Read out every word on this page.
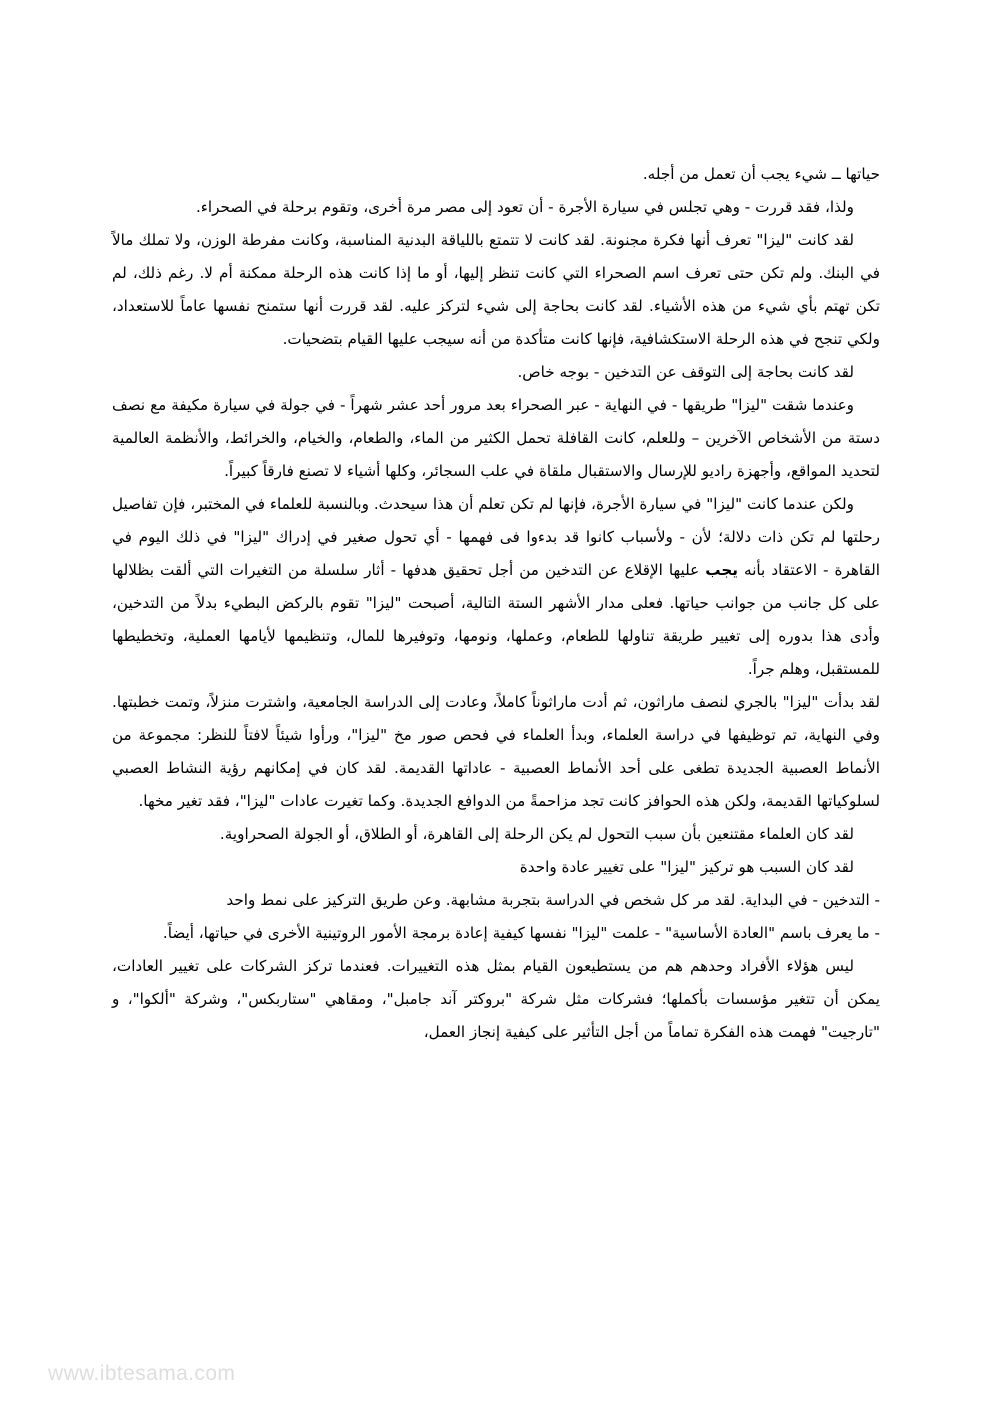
حياتها ــ شيء يجب أن تعمل من أجله.

ولذا، فقد قررت - وهي تجلس في سيارة الأجرة - أن تعود إلى مصر مرة أخرى، وتقوم برحلة في الصحراء.

لقد كانت "ليزا" تعرف أنها فكرة مجنونة. لقد كانت لا تتمتع باللياقة البدنية المناسبة، وكانت مفرطة الوزن، ولا تملك مالاً في البنك. ولم تكن حتى تعرف اسم الصحراء التي كانت تنظر إليها، أو ما إذا كانت هذه الرحلة ممكنة أم لا. رغم ذلك، لم تكن تهتم بأي شيء من هذه الأشياء. لقد كانت بحاجة إلى شيء لتركز عليه. لقد قررت أنها ستمنح نفسها عاماً للاستعداد، ولكي تنجح في هذه الرحلة الاستكشافية، فإنها كانت متأكدة من أنه سيجب عليها القيام بتضحيات.

لقد كانت بحاجة إلى التوقف عن التدخين - بوجه خاص.

وعندما شقت "ليزا" طريقها - في النهاية - عبر الصحراء بعد مرور أحد عشر شهراً - في جولة في سيارة مكيفة مع نصف دستة من الأشخاص الآخرين – وللعلم، كانت القافلة تحمل الكثير من الماء، والطعام، والخيام، والخرائط، والأنظمة العالمية لتحديد المواقع، وأجهزة راديو للإرسال والاستقبال ملقاة في علب السجائر، وكلها أشياء لا تصنع فارقاً كبيراً.

ولكن عندما كانت "ليزا" في سيارة الأجرة، فإنها لم تكن تعلم أن هذا سيحدث. وبالنسبة للعلماء في المختبر، فإن تفاصيل رحلتها لم تكن ذات دلالة؛ لأن - ولأسباب كانوا قد بدءوا فى فهمها - أي تحول صغير في إدراك "ليزا" في ذلك اليوم في القاهرة - الاعتقاد بأنه يجب عليها الإقلاع عن التدخين من أجل تحقيق هدفها - أثار سلسلة من التغيرات التي ألقت بظلالها على كل جانب من جوانب حياتها. فعلى مدار الأشهر الستة التالية، أصبحت "ليزا" تقوم بالركض البطيء بدلاً من التدخين، وأدى هذا بدوره إلى تغيير طريقة تناولها للطعام، وعملها، ونومها، وتوفيرها للمال، وتنظيمها لأيامها العملية، وتخطيطها للمستقبل، وهلم جراً.

لقد بدأت "ليزا" بالجري لنصف ماراثون، ثم أدت ماراثوناً كاملاً، وعادت إلى الدراسة الجامعية، واشترت منزلاً، وتمت خطبتها. وفي النهاية، تم توظيفها في دراسة العلماء، وبدأ العلماء في فحص صور مخ "ليزا"، ورأوا شيئاً لافتاً للنظر: مجموعة من الأنماط العصبية الجديدة تطغى على أحد الأنماط العصبية - عاداتها القديمة. لقد كان في إمكانهم رؤية النشاط العصبي لسلوكياتها القديمة، ولكن هذه الحوافز كانت تجد مزاحمةً من الدوافع الجديدة. وكما تغيرت عادات "ليزا"، فقد تغير مخها.

لقد كان العلماء مقتنعين بأن سبب التحول لم يكن الرحلة إلى القاهرة، أو الطلاق، أو الجولة الصحراوية.

لقد كان السبب هو تركيز "ليزا" على تغيير عادة واحدة

- التدخين - في البداية. لقد مر كل شخص في الدراسة بتجربة مشابهة. وعن طريق التركيز على نمط واحد

- ما يعرف باسم "العادة الأساسية" - علمت "ليزا" نفسها كيفية إعادة برمجة الأمور الروتينية الأخرى في حياتها، أيضاً.

ليس هؤلاء الأفراد وحدهم هم من يستطيعون القيام بمثل هذه التغييرات. فعندما تركز الشركات على تغيير العادات، يمكن أن تتغير مؤسسات بأكملها؛ فشركات مثل شركة "بروكتر آند جامبل"، ومقاهي "ستاربكس"، وشركة "ألكوا"، و "تارجيت" فهمت هذه الفكرة تماماً من أجل التأثير على كيفية إنجاز العمل،

www.ibtesama.com
